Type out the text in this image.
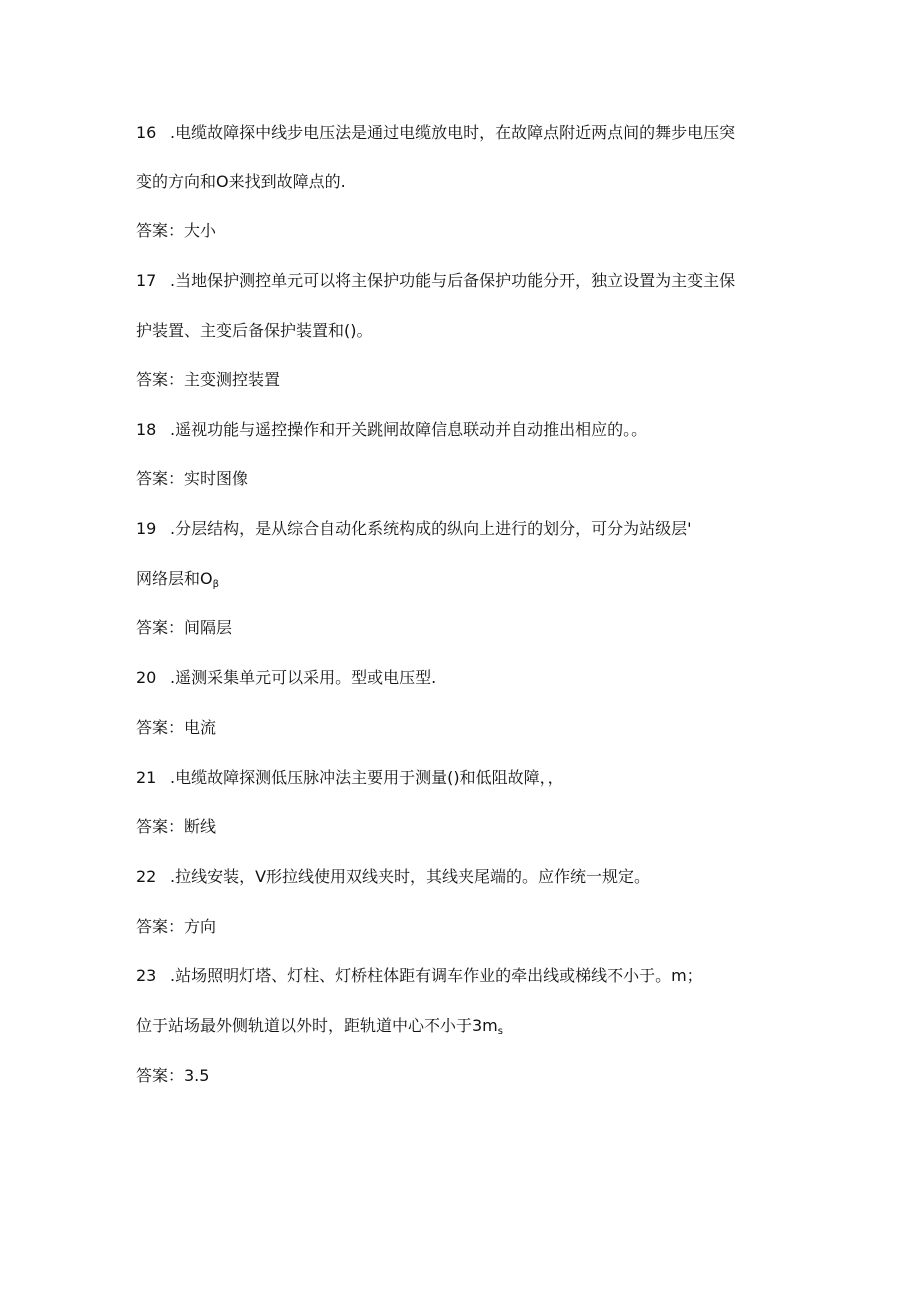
16 .电缆故障探中线步电压法是通过电缆放电时，在故障点附近两点间的舞步电压突
变的方向和O来找到故障点的.
答案：大小
17 .当地保护测控单元可以将主保护功能与后备保护功能分开，独立设置为主变主保
护装置、主变后备保护装置和()。
答案：主变测控装置
18 .遥视功能与遥控操作和开关跳闸故障信息联动并自动推出相应的。。
答案：实时图像
19 .分层结构，是从综合自动化系统构成的纵向上进行的划分，可分为站级层'
网络层和$O_\beta$
答案：间隔层
20 .遥测采集单元可以采用。型或电压型.
答案：电流
21 .电缆故障探测低压脉冲法主要用于测量()和低阻故障，，
答案：断线
22 .拉线安装，V形拉线使用双线夹时，其线夹尾端的。应作统一规定。
答案：方向
23 .站场照明灯塔、灯柱、灯桥柱体距有调车作业的牵出线或梯线不小于。m；
位于站场最外侧轨道以外时，距轨道中心不小于$3m_s$
答案：3.5
